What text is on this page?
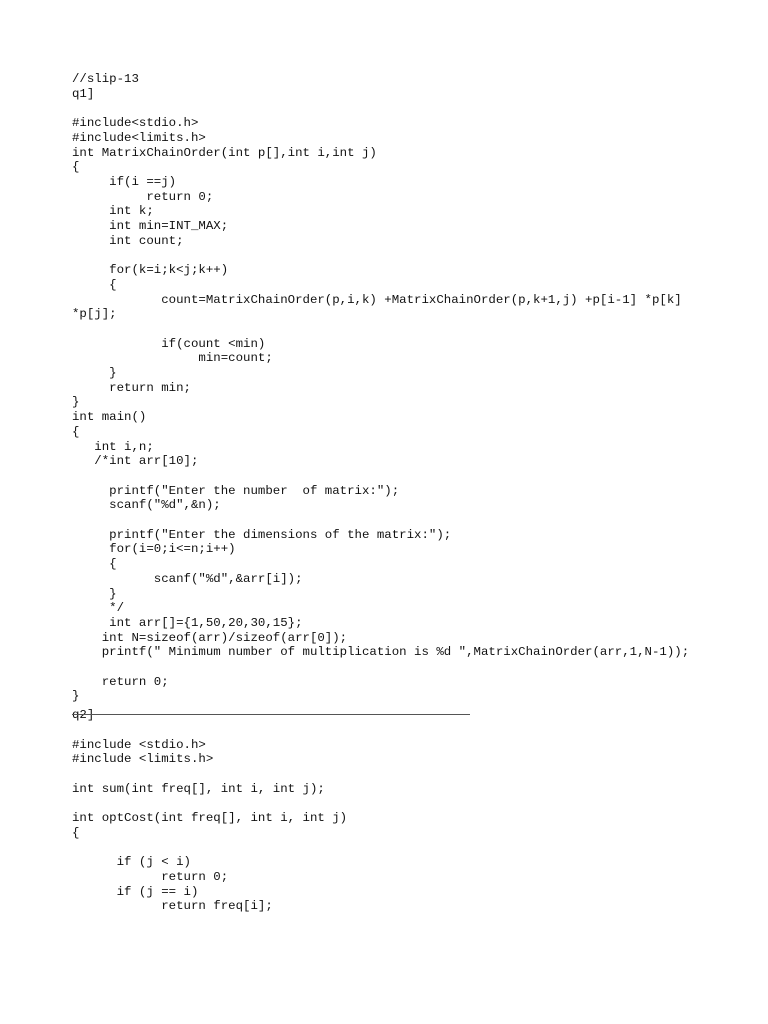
//slip-13
q1]
#include<stdio.h>
#include<limits.h>
int MatrixChainOrder(int p[],int i,int j)
{
if(i ==j)
return 0;
int k;
int min=INT_MAX;
int count;
for(k=i;k<j;k++)
{
count=MatrixChainOrder(p,i,k) +MatrixChainOrder(p,k+1,j) +p[i-1] *p[k]
*p[j];
if(count <min)
min=count;
}
return min;
}
int main()
{
int i,n;
/*int arr[10];
printf("Enter the number  of matrix:");
scanf("%d",&n);
printf("Enter the dimensions of the matrix:");
for(i=0;i<=n;i++)
{
scanf("%d",&arr[i]);
}
*/
int arr[]={1,50,20,30,15};
int N=sizeof(arr)/sizeof(arr[0]);
printf(" Minimum number of multiplication is %d ",MatrixChainOrder(arr,1,N-1));
return 0;
}
q2]
#include <stdio.h>
#include <limits.h>
int sum(int freq[], int i, int j);
int optCost(int freq[], int i, int j)
{
if (j < i)
return 0;
if (j == i)
return freq[i];
